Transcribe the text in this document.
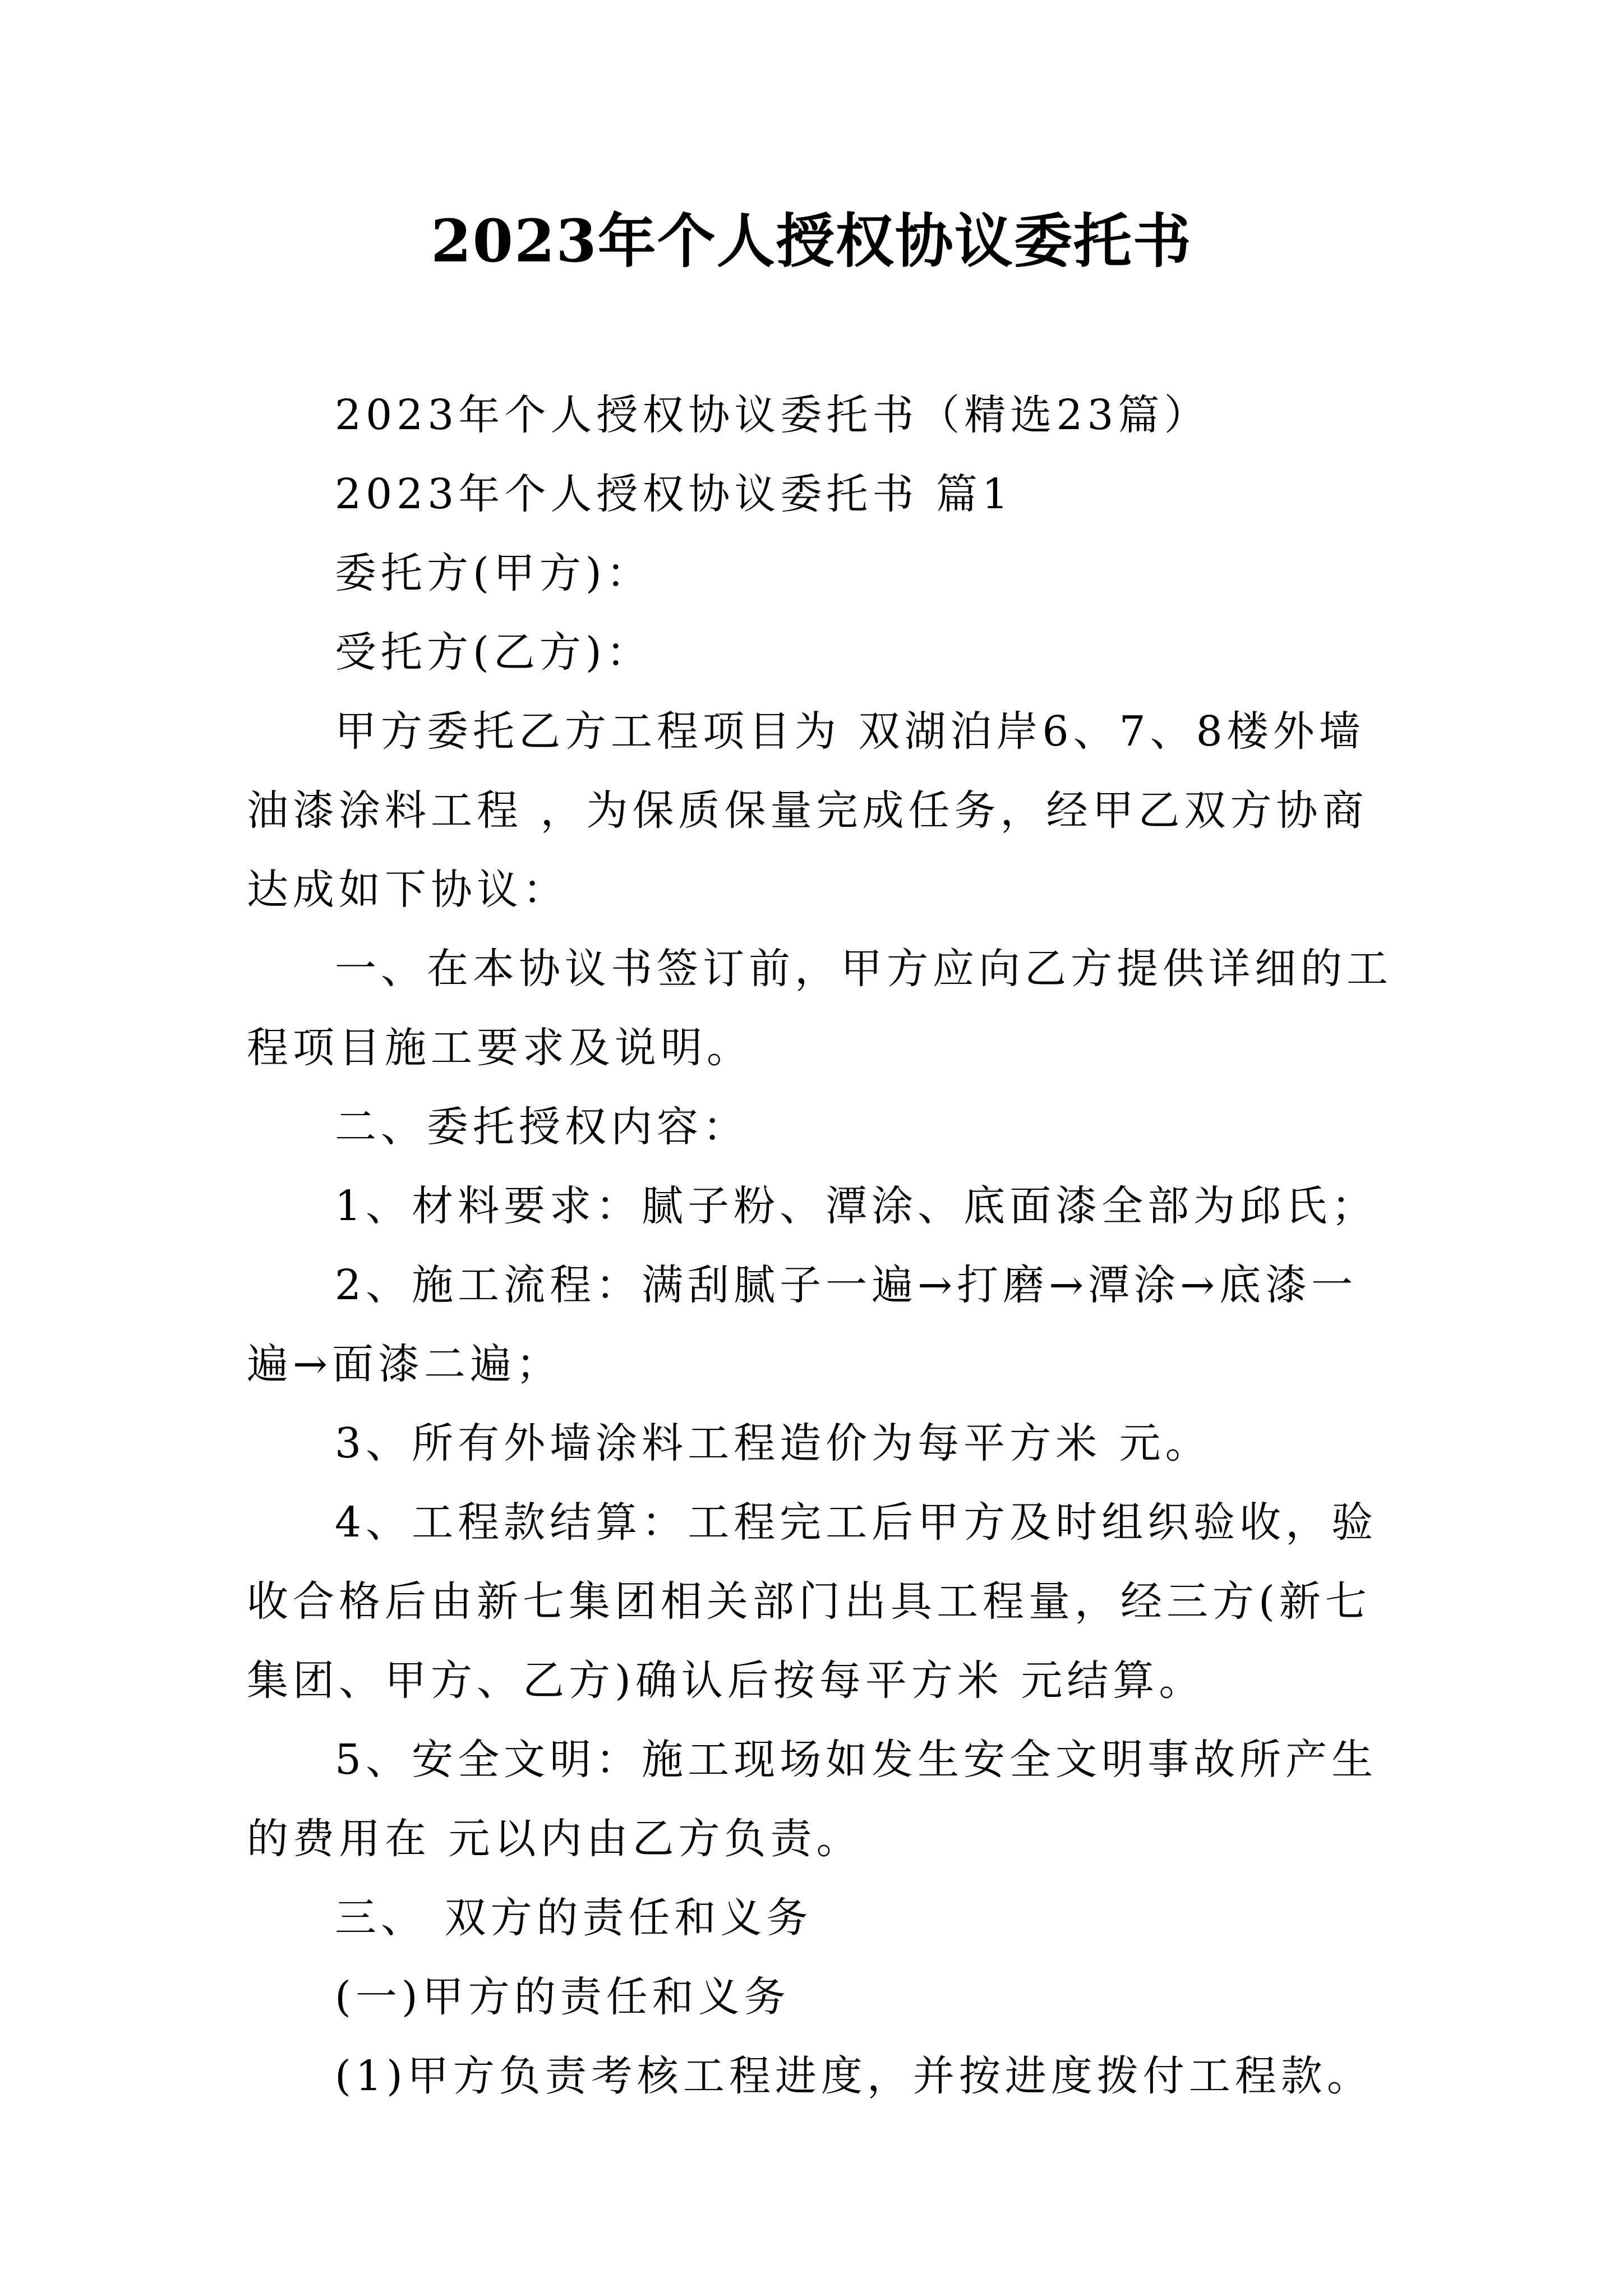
2023年个人授权协议委托书

2023年个人授权协议委托书（精选23篇）

2023年个人授权协议委托书 篇1

委托方(甲方)：

受托方(乙方)：

甲方委托乙方工程项目为 双湖泊岸6、7、8楼外墙油漆涂料工程 ，为保质保量完成任务，经甲乙双方协商达成如下协议：

一、在本协议书签订前，甲方应向乙方提供详细的工程项目施工要求及说明。

二、委托授权内容：

1、材料要求：腻子粉、潭涂、底面漆全部为邱氏；

2、施工流程：满刮腻子一遍→打磨→潭涂→底漆一遍→面漆二遍；

3、所有外墙涂料工程造价为每平方米 元。

4、工程款结算：工程完工后甲方及时组织验收，验收合格后由新七集团相关部门出具工程量，经三方(新七集团、甲方、乙方)确认后按每平方米 元结算。

5、安全文明：施工现场如发生安全文明事故所产生的费用在 元以内由乙方负责。

三、 双方的责任和义务

(一)甲方的责任和义务

(1)甲方负责考核工程进度，并按进度拨付工程款。
